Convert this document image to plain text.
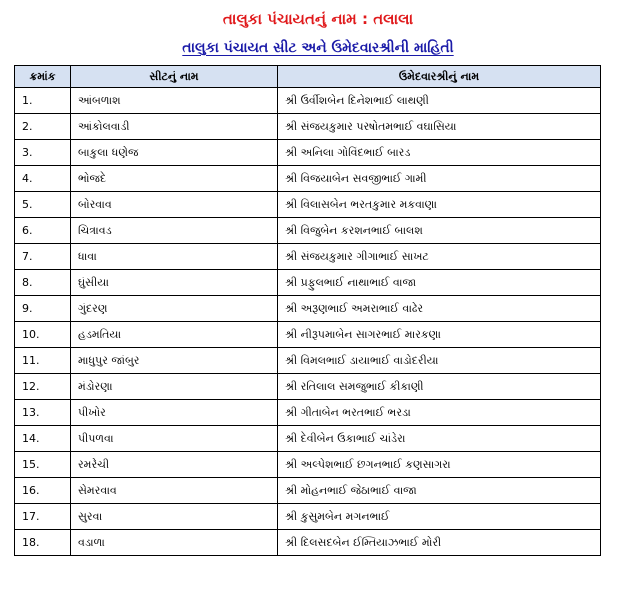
તાલુકા પંચાયતનું નામ : તલાલા
તાલુકા પંચાયત સીટ અને ઉમેદવારશ્રીની માહિતી
ક્રમાંક	સીટનું નામ	ઉમેદવારશ્રીનું નામ
1.	આંબળાશ	શ્રી ઉર્વીશબેન દિનેશભાઈ લાથણી
2.	આંકોલવાડી	શ્રી સંજયકુમાર પરષોતમભાઈ વઘાસિયા
3.	બાકુલા ધણેજ	શ્રી અનિલા ગોવિંદભાઈ બારડ
4.	ભોજદે	શ્રી વિજયાબેન સવજીભાઈ ગામી
5.	બોરવાવ	શ્રી વિલાસબેન ભરતકુમાર મકવાણા
6.	ચિત્રાવડ	શ્રી વિજુબેન કરશનભાઈ બાલશ
7.	ધાવા	શ્રી સંજયકુમાર ગીગાભાઈ સાખટ
8.	ઘુંસીયા	શ્રી પ્રફુલભાઈ નાથાભાઈ વાજા
9.	ગુંદરણ	શ્રી અરૂણભાઈ અમરાભાઈ વાઢેર
10.	હડમતિયા	શ્રી નીરૂપમાબેન સાગરભાઈ મારકણા
11.	માધુપુર જાંબુર	શ્રી વિમલભાઈ ડાયાભાઈ વાડોદરીયા
12.	મંડોરણા	શ્રી રતિલાલ સમજુભાઈ કીકાણી
13.	પીખોર	શ્રી ગીતાબેન ભરતભાઈ ભરડા
14.	પીપળવા	શ્રી દેવીબેન ઉકાભાઈ ચાંડેરા
15.	રમરેચી	શ્રી અલ્પેશભાઈ છગનભાઈ કણસાગરા
16.	સેમરવાવ	શ્રી મોહનભાઈ જેઠાભાઈ વાજા
17.	સુરવા	શ્રી કુસુમબેન મગનભાઈ
18.	વડાળા	શ્રી દિલસદબેન ઈમ્તિયાઝભાઈ મોરી
